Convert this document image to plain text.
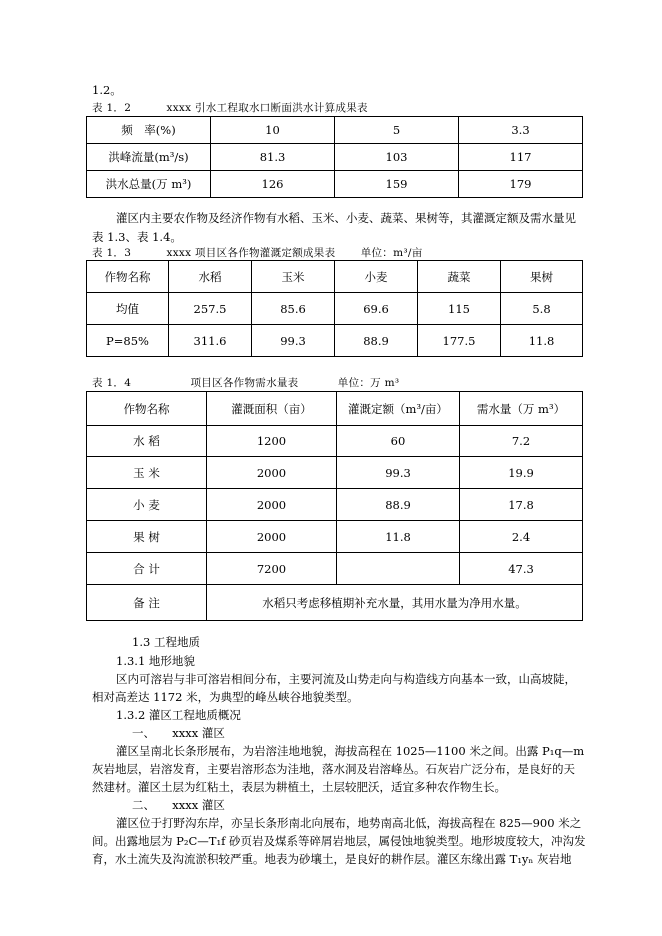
1.2。
表 1．2	xxxx 引水工程取水口断面洪水计算成果表
频　率(%)	10	5	3.3
洪峰流量(m³/s)	81.3	103	117
洪水总量(万 m³)	126	159	179
灌区内主要农作物及经济作物有水稻、玉米、小麦、蔬菜、果树等，其灌溉定额及需水量见表 1.3、表 1.4。
表 1．3	xxxx 项目区各作物灌溉定额成果表 单位：m³/亩
作物名称	水稻	玉米	小麦	蔬菜	果树
均值	257.5	85.6	69.6	115	5.8
P=85%	311.6	99.3	88.9	177.5	11.8
表 1．4	项目区各作物需水量表	单位：万 m³
作物名称	灌溉面积（亩）	灌溉定额（m³/亩）	需水量（万 m³）
水 稻	1200	60	7.2
玉 米	2000	99.3	19.9
小 麦	2000	88.9	17.8
果 树	2000	11.8	2.4
合 计	7200		47.3
备 注	水稻只考虑移植期补充水量，其用水量为净用水量。		
1.3 工程地质
1.3.1 地形地貌
区内可溶岩与非可溶岩相间分布，主要河流及山势走向与构造线方向基本一致，山高坡陡，
相对高差达 1172 米，为典型的峰丛峡谷地貌类型。
1.3.2 灌区工程地质概况
一、　　xxxx 灌区
灌区呈南北长条形展布，为岩溶洼地地貌，海拔高程在 1025—1100 米之间。出露 P₁q—m
灰岩地层，岩溶发育，主要岩溶形态为洼地，落水洞及岩溶峰丛。石灰岩广泛分布，是良好的天
然建材。灌区土层为红粘土，表层为耕植土，土层较肥沃，适宜多种农作物生长。
二、　　xxxx 灌区
灌区位于打野沟东岸，亦呈长条形南北向展布，地势南高北低，海拔高程在 825—900 米之
间。出露地层为 P₂C—T₁f 砂页岩及煤系等碎屑岩地层，属侵蚀地貌类型。地形坡度较大，冲沟发
育，水土流失及沟流淤积较严重。地表为砂壤土，是良好的耕作层。灌区东缘出露 T₁yₙ 灰岩地
